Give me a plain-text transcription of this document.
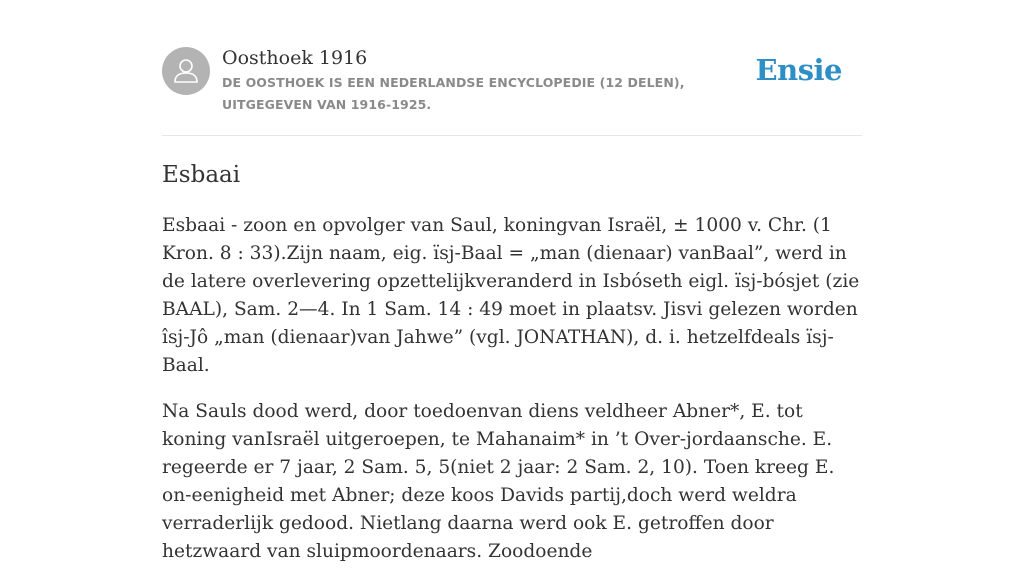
Oosthoek 1916
DE OOSTHOEK IS EEN NEDERLANDSE ENCYCLOPEDIE (12 DELEN), UITGEGEVEN VAN 1916-1925.
Ensie
Esbaai

Esbaai - zoon en opvolger van Saul, koningvan Israël, ± 1000 v. Chr. (1 Kron. 8 : 33).Zijn naam, eig. ïsj-Baal = „man (dienaar) vanBaal”, werd in de latere overlevering opzettelijkveranderd in Isbóseth eigl. ïsj-bósjet (zie BAAL), Sam. 2—4. In 1 Sam. 14 : 49 moet in plaatsv. Jisvi gelezen worden îsj-Jô „man (dienaar)van Jahwe” (vgl. JONATHAN), d. i. hetzelfdeals ïsj-Baal.

Na Sauls dood werd, door toedoenvan diens veldheer Abner*, E. tot koning vanIsraël uitgeroepen, te Mahanaim* in ’t Over-jordaansche. E. regeerde er 7 jaar, 2 Sam. 5, 5(niet 2 jaar: 2 Sam. 2, 10). Toen kreeg E. on-eenigheid met Abner; deze koos Davids partij,doch werd weldra verraderlijk gedood. Nietlang daarna werd ook E. getroffen door hetzwaard van sluipmoordenaars. Zoodoende
